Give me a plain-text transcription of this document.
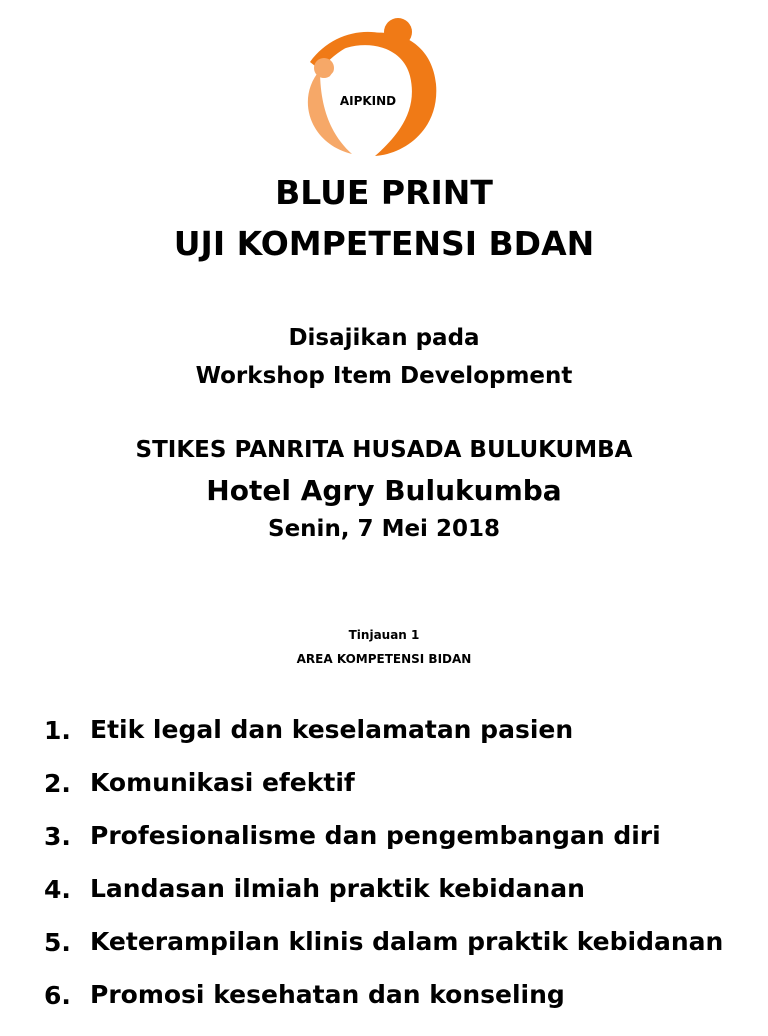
AIPKIND
BLUE PRINT
UJI KOMPETENSI BDAN
Disajikan pada
Workshop Item Development
STIKES PANRITA HUSADA BULUKUMBA
Hotel Agry Bulukumba
Senin, 7 Mei 2018
Tinjauan 1
AREA KOMPETENSI BIDAN
1. Etik legal dan keselamatan pasien
2. Komunikasi efektif
3. Profesionalisme dan pengembangan diri
4. Landasan ilmiah praktik kebidanan
5. Keterampilan klinis dalam praktik kebidanan
6. Promosi kesehatan dan konseling
